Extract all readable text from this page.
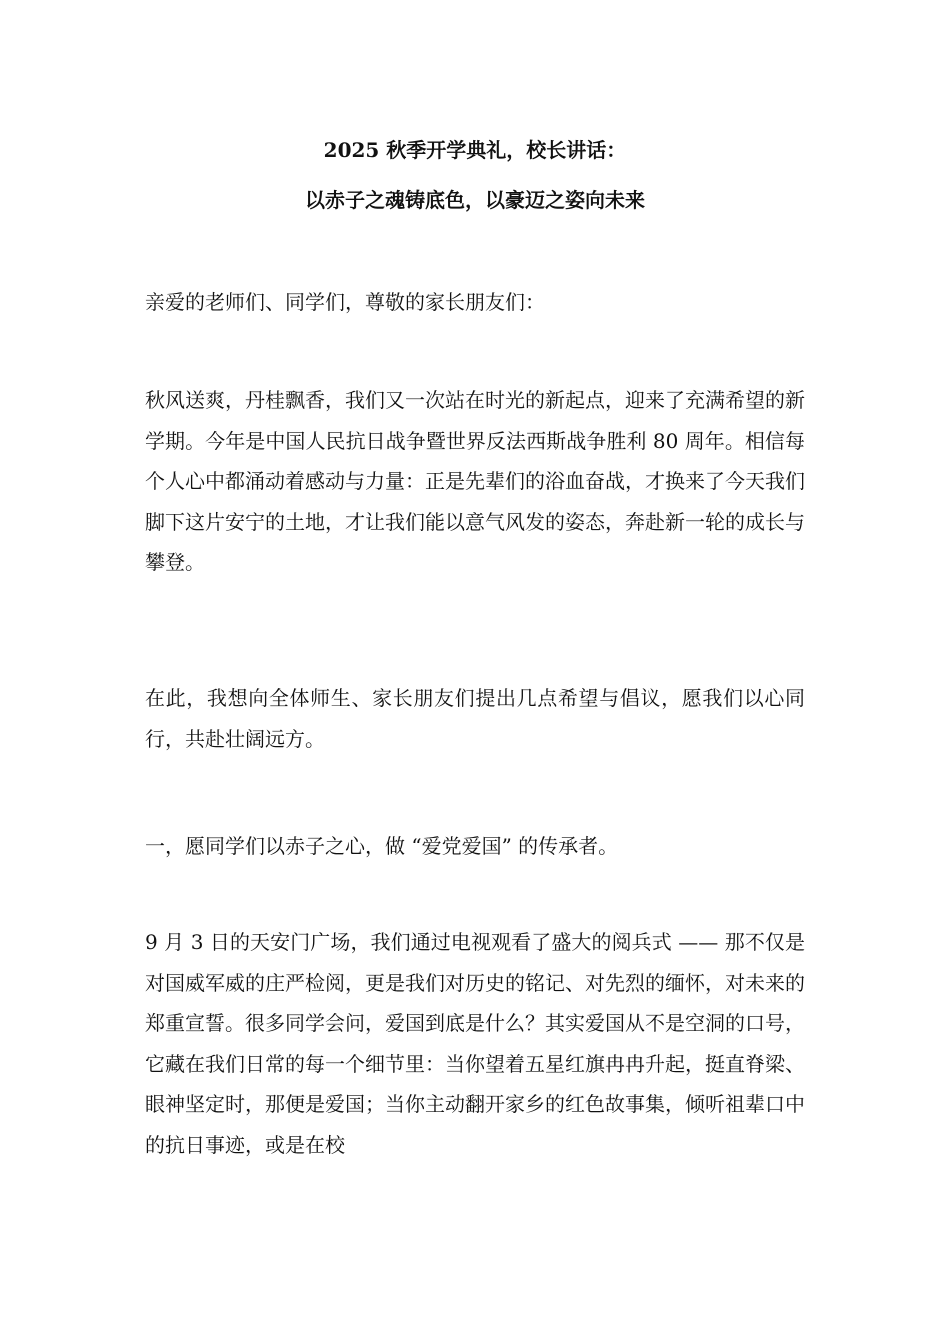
2025 秋季开学典礼，校长讲话：
以赤子之魂铸底色，以豪迈之姿向未来

亲爱的老师们、同学们，尊敬的家长朋友们：

秋风送爽，丹桂飘香，我们又一次站在时光的新起点，迎来了充满希望的新学期。今年是中国人民抗日战争暨世界反法西斯战争胜利 80 周年。相信每个人心中都涌动着感动与力量：正是先辈们的浴血奋战，才换来了今天我们脚下这片安宁的土地，才让我们能以意气风发的姿态，奔赴新一轮的成长与攀登。

在此，我想向全体师生、家长朋友们提出几点希望与倡议，愿我们以心同行，共赴壮阔远方。

一，愿同学们以赤子之心，做 “爱党爱国” 的传承者。

9 月 3 日的天安门广场，我们通过电视观看了盛大的阅兵式 —— 那不仅是对国威军威的庄严检阅，更是我们对历史的铭记、对先烈的缅怀，对未来的郑重宣誓。很多同学会问，爱国到底是什么？其实爱国从不是空洞的口号，它藏在我们日常的每一个细节里：当你望着五星红旗冉冉升起，挺直脊梁、眼神坚定时，那便是爱国；当你主动翻开家乡的红色故事集，倾听祖辈口中的抗日事迹，或是在校
